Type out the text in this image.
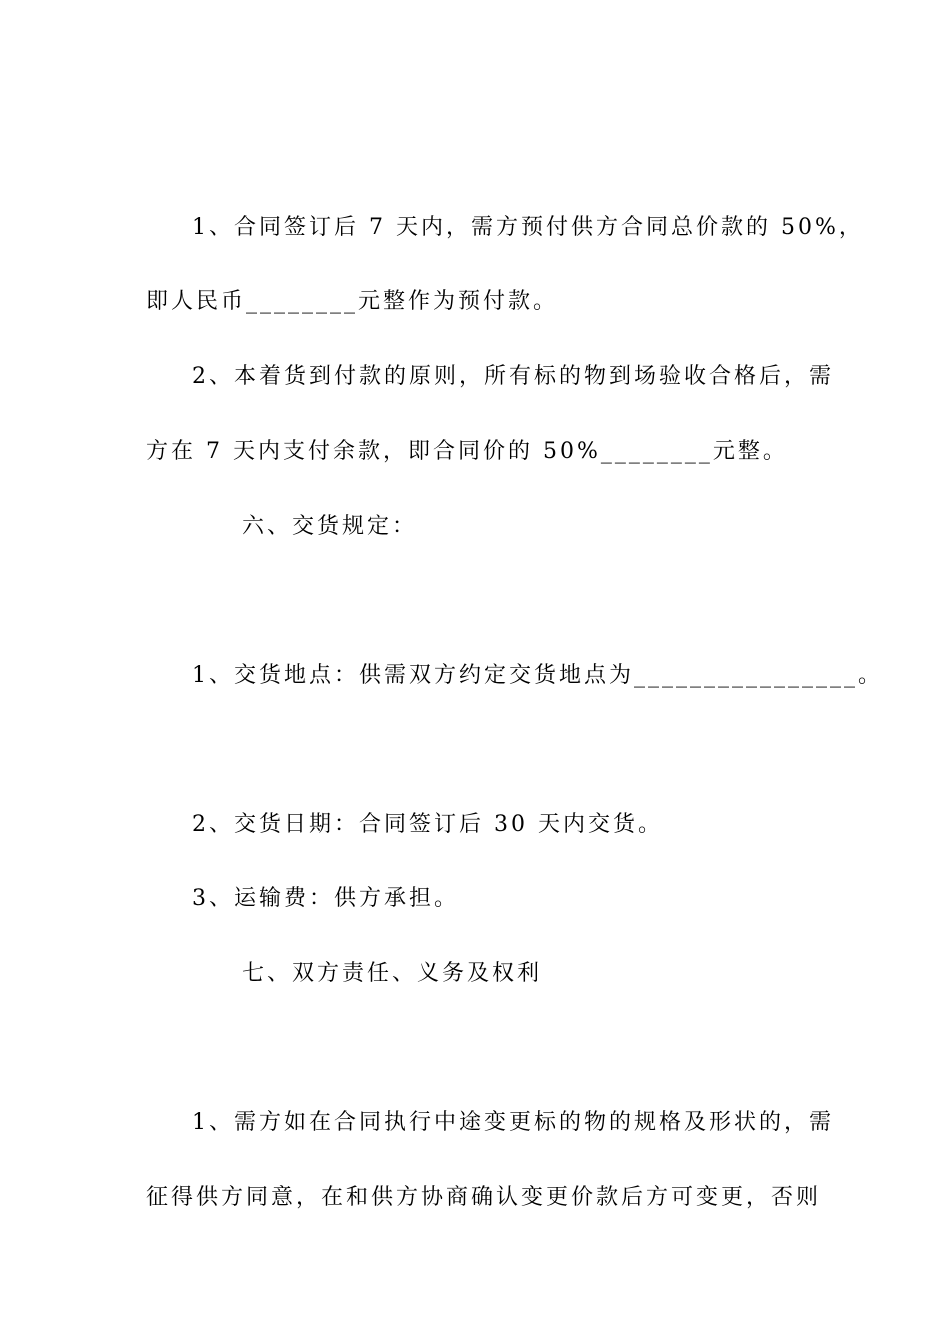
1、合同签订后 7 天内，需方预付供方合同总价款的 50%，

即人民币________元整作为预付款。

2、本着货到付款的原则，所有标的物到场验收合格后，需

方在 7 天内支付余款，即合同价的 50%________元整。

六、交货规定：

1、交货地点：供需双方约定交货地点为________________。

2、交货日期：合同签订后 30 天内交货。

3、运输费：供方承担。

七、双方责任、义务及权利

1、需方如在合同执行中途变更标的物的规格及形状的，需

征得供方同意，在和供方协商确认变更价款后方可变更，否则
